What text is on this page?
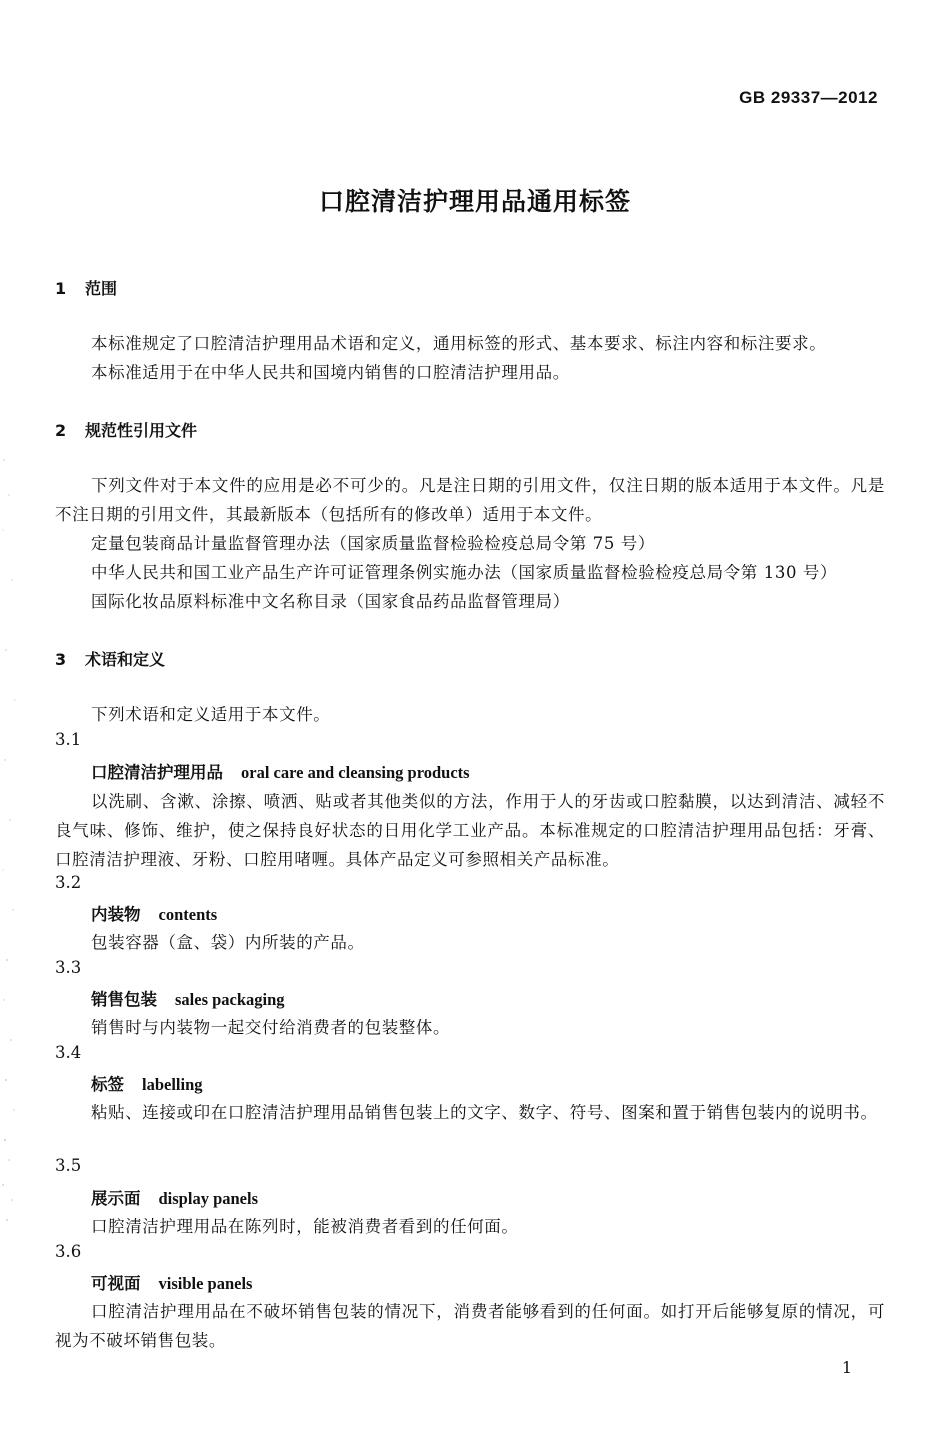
GB 29337—2012
口腔清洁护理用品通用标签
1 范围
本标准规定了口腔清洁护理用品术语和定义，通用标签的形式、基本要求、标注内容和标注要求。
本标准适用于在中华人民共和国境内销售的口腔清洁护理用品。
2 规范性引用文件
下列文件对于本文件的应用是必不可少的。凡是注日期的引用文件，仅注日期的版本适用于本文件。凡是不注日期的引用文件，其最新版本（包括所有的修改单）适用于本文件。
定量包装商品计量监督管理办法（国家质量监督检验检疫总局令第 75 号）
中华人民共和国工业产品生产许可证管理条例实施办法（国家质量监督检验检疫总局令第 130 号）
国际化妆品原料标准中文名称目录（国家食品药品监督管理局）
3 术语和定义
下列术语和定义适用于本文件。
3.1
口腔清洁护理用品 oral care and cleansing products
以洗刷、含漱、涂擦、喷洒、贴或者其他类似的方法，作用于人的牙齿或口腔黏膜，以达到清洁、减轻不良气味、修饰、维护，使之保持良好状态的日用化学工业产品。本标准规定的口腔清洁护理用品包括：牙膏、口腔清洁护理液、牙粉、口腔用啫喱。具体产品定义可参照相关产品标准。
3.2
内装物 contents
包装容器（盒、袋）内所装的产品。
3.3
销售包装 sales packaging
销售时与内装物一起交付给消费者的包装整体。
3.4
标签 labelling
粘贴、连接或印在口腔清洁护理用品销售包装上的文字、数字、符号、图案和置于销售包装内的说明书。
3.5
展示面 display panels
口腔清洁护理用品在陈列时，能被消费者看到的任何面。
3.6
可视面 visible panels
口腔清洁护理用品在不破坏销售包装的情况下，消费者能够看到的任何面。如打开后能够复原的情况，可视为不破坏销售包装。
1
